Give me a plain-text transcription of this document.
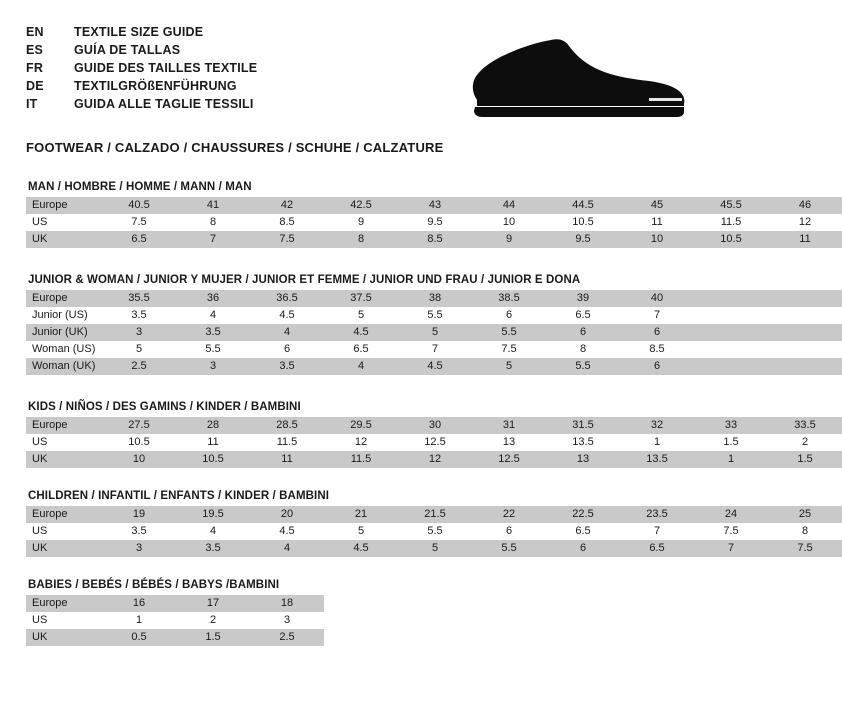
EN	TEXTILE SIZE GUIDE
ES	GUÍA DE TALLAS
FR	GUIDE DES TAILLES TEXTILE
DE	TEXTILGRÖßENFÜHRUNG
IT	GUIDA ALLE TAGLIE TESSILI
FOOTWEAR / CALZADO / CHAUSSURES / SCHUHE / CALZATURE
MAN / HOMBRE / HOMME / MANN / MAN
Europe	40.5	41	42	42.5	43	44	44.5	45	45.5	46
US	7.5	8	8.5	9	9.5	10	10.5	11	11.5	12
UK	6.5	7	7.5	8	8.5	9	9.5	10	10.5	11
JUNIOR & WOMAN / JUNIOR Y MUJER / JUNIOR ET FEMME / JUNIOR UND FRAU / JUNIOR E DONA
Europe	35.5	36	36.5	37.5	38	38.5	39	40		
Junior (US)	3.5	4	4.5	5	5.5	6	6.5	7		
Junior (UK)	3	3.5	4	4.5	5	5.5	6	6		
Woman (US)	5	5.5	6	6.5	7	7.5	8	8.5		
Woman (UK)	2.5	3	3.5	4	4.5	5	5.5	6		
KIDS / NIÑOS / DES GAMINS / KINDER / BAMBINI
Europe	27.5	28	28.5	29.5	30	31	31.5	32	33	33.5
US	10.5	11	11.5	12	12.5	13	13.5	1	1.5	2
UK	10	10.5	11	11.5	12	12.5	13	13.5	1	1.5
CHILDREN / INFANTIL / ENFANTS / KINDER / BAMBINI
Europe	19	19.5	20	21	21.5	22	22.5	23.5	24	25
US	3.5	4	4.5	5	5.5	6	6.5	7	7.5	8
UK	3	3.5	4	4.5	5	5.5	6	6.5	7	7.5
BABIES / BEBÉS / BÉBÉS / BABYS /BAMBINI
Europe	16	17	18
US	1	2	3
UK	0.5	1.5	2.5
